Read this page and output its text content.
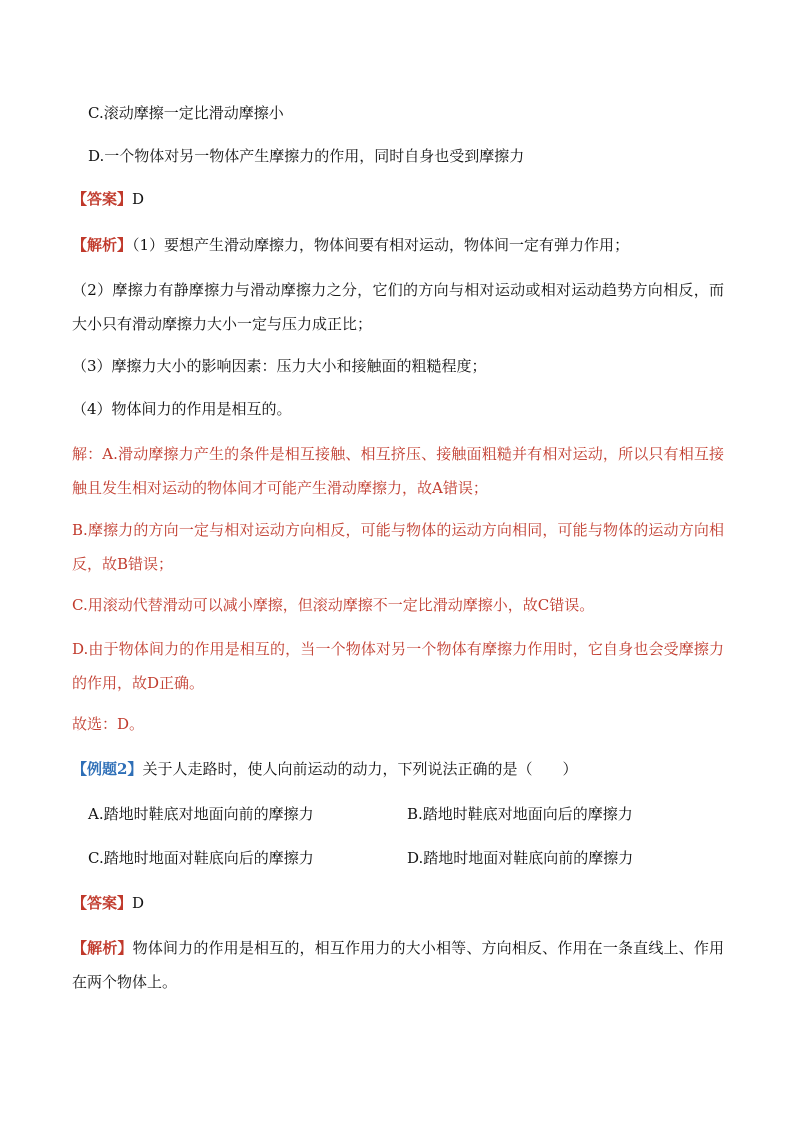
C.滚动摩擦一定比滑动摩擦小

D.一个物体对另一物体产生摩擦力的作用，同时自身也受到摩擦力

【答案】D

【解析】（1）要想产生滑动摩擦力，物体间要有相对运动，物体间一定有弹力作用；

（2）摩擦力有静摩擦力与滑动摩擦力之分，它们的方向与相对运动或相对运动趋势方向相反，而大小只有滑动摩擦力大小一定与压力成正比；

（3）摩擦力大小的影响因素：压力大小和接触面的粗糙程度；

（4）物体间力的作用是相互的。

解：A.滑动摩擦力产生的条件是相互接触、相互挤压、接触面粗糙并有相对运动，所以只有相互接触且发生相对运动的物体间才可能产生滑动摩擦力，故A错误；

B.摩擦力的方向一定与相对运动方向相反，可能与物体的运动方向相同，可能与物体的运动方向相反，故B错误；

C.用滚动代替滑动可以减小摩擦，但滚动摩擦不一定比滑动摩擦小，故C错误。

D.由于物体间力的作用是相互的，当一个物体对另一个物体有摩擦力作用时，它自身也会受摩擦力的作用，故D正确。

故选：D。

【例题2】关于人走路时，使人向前运动的动力，下列说法正确的是（　　）

A.踏地时鞋底对地面向前的摩擦力	B.踏地时鞋底对地面向后的摩擦力
C.踏地时地面对鞋底向后的摩擦力	D.踏地时地面对鞋底向前的摩擦力

【答案】D

【解析】物体间力的作用是相互的，相互作用力的大小相等、方向相反、作用在一条直线上、作用在两个物体上。
